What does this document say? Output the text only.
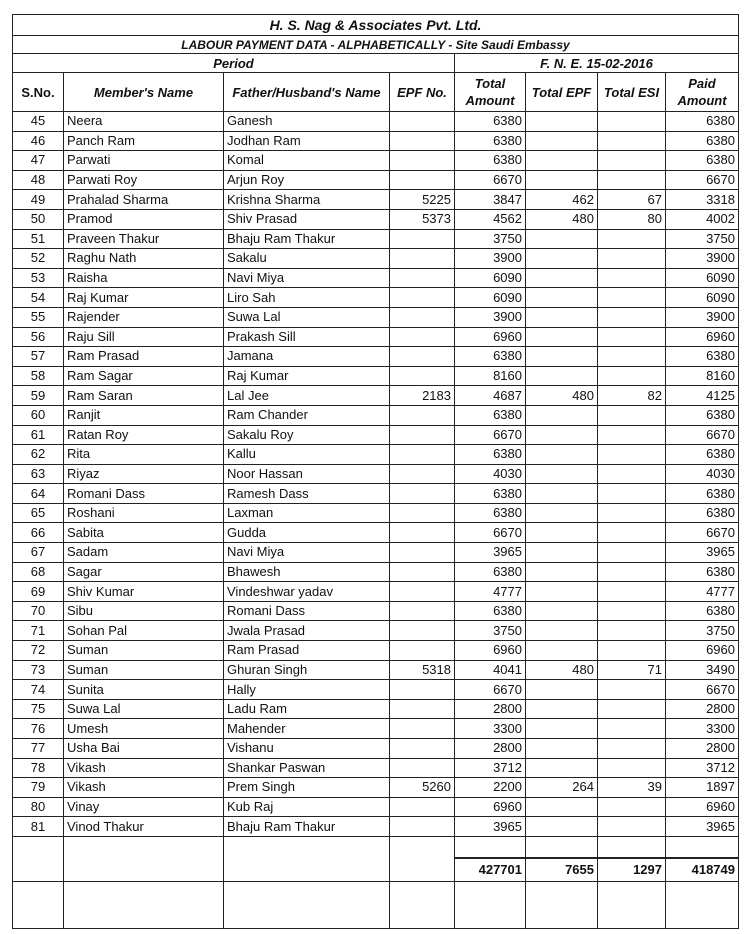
H. S. Nag & Associates Pvt. Ltd.							
LABOUR PAYMENT DATA - ALPHABETICALLY - Site Saudi Embassy							
Period				F. N. E. 15-02-2016			
S.No.	Member's Name	Father/Husband's Name	EPF No.	Total Amount	Total EPF	Total ESI	Paid Amount
45	Neera	Ganesh		6380			6380
46	Panch Ram	Jodhan Ram		6380			6380
47	Parwati	Komal		6380			6380
48	Parwati Roy	Arjun Roy		6670			6670
49	Prahalad Sharma	Krishna Sharma	5225	3847	462	67	3318
50	Pramod	Shiv Prasad	5373	4562	480	80	4002
51	Praveen Thakur	Bhaju Ram Thakur		3750			3750
52	Raghu Nath	Sakalu		3900			3900
53	Raisha	Navi Miya		6090			6090
54	Raj Kumar	Liro Sah		6090			6090
55	Rajender	Suwa Lal		3900			3900
56	Raju Sill	Prakash Sill		6960			6960
57	Ram Prasad	Jamana		6380			6380
58	Ram Sagar	Raj Kumar		8160			8160
59	Ram Saran	Lal Jee	2183	4687	480	82	4125
60	Ranjit	Ram Chander		6380			6380
61	Ratan Roy	Sakalu Roy		6670			6670
62	Rita	Kallu		6380			6380
63	Riyaz	Noor Hassan		4030			4030
64	Romani Dass	Ramesh Dass		6380			6380
65	Roshani	Laxman		6380			6380
66	Sabita	Gudda		6670			6670
67	Sadam	Navi Miya		3965			3965
68	Sagar	Bhawesh		6380			6380
69	Shiv Kumar	Vindeshwar yadav		4777			4777
70	Sibu	Romani Dass		6380			6380
71	Sohan Pal	Jwala Prasad		3750			3750
72	Suman	Ram Prasad		6960			6960
73	Suman	Ghuran Singh	5318	4041	480	71	3490
74	Sunita	Hally		6670			6670
75	Suwa Lal	Ladu Ram		2800			2800
76	Umesh	Mahender		3300			3300
77	Usha Bai	Vishanu		2800			2800
78	Vikash	Shankar Paswan		3712			3712
79	Vikash	Prem Singh	5260	2200	264	39	1897
80	Vinay	Kub Raj		6960			6960
81	Vinod Thakur	Bhaju Ram Thakur		3965			3965

				427701	7655	1297	418749
